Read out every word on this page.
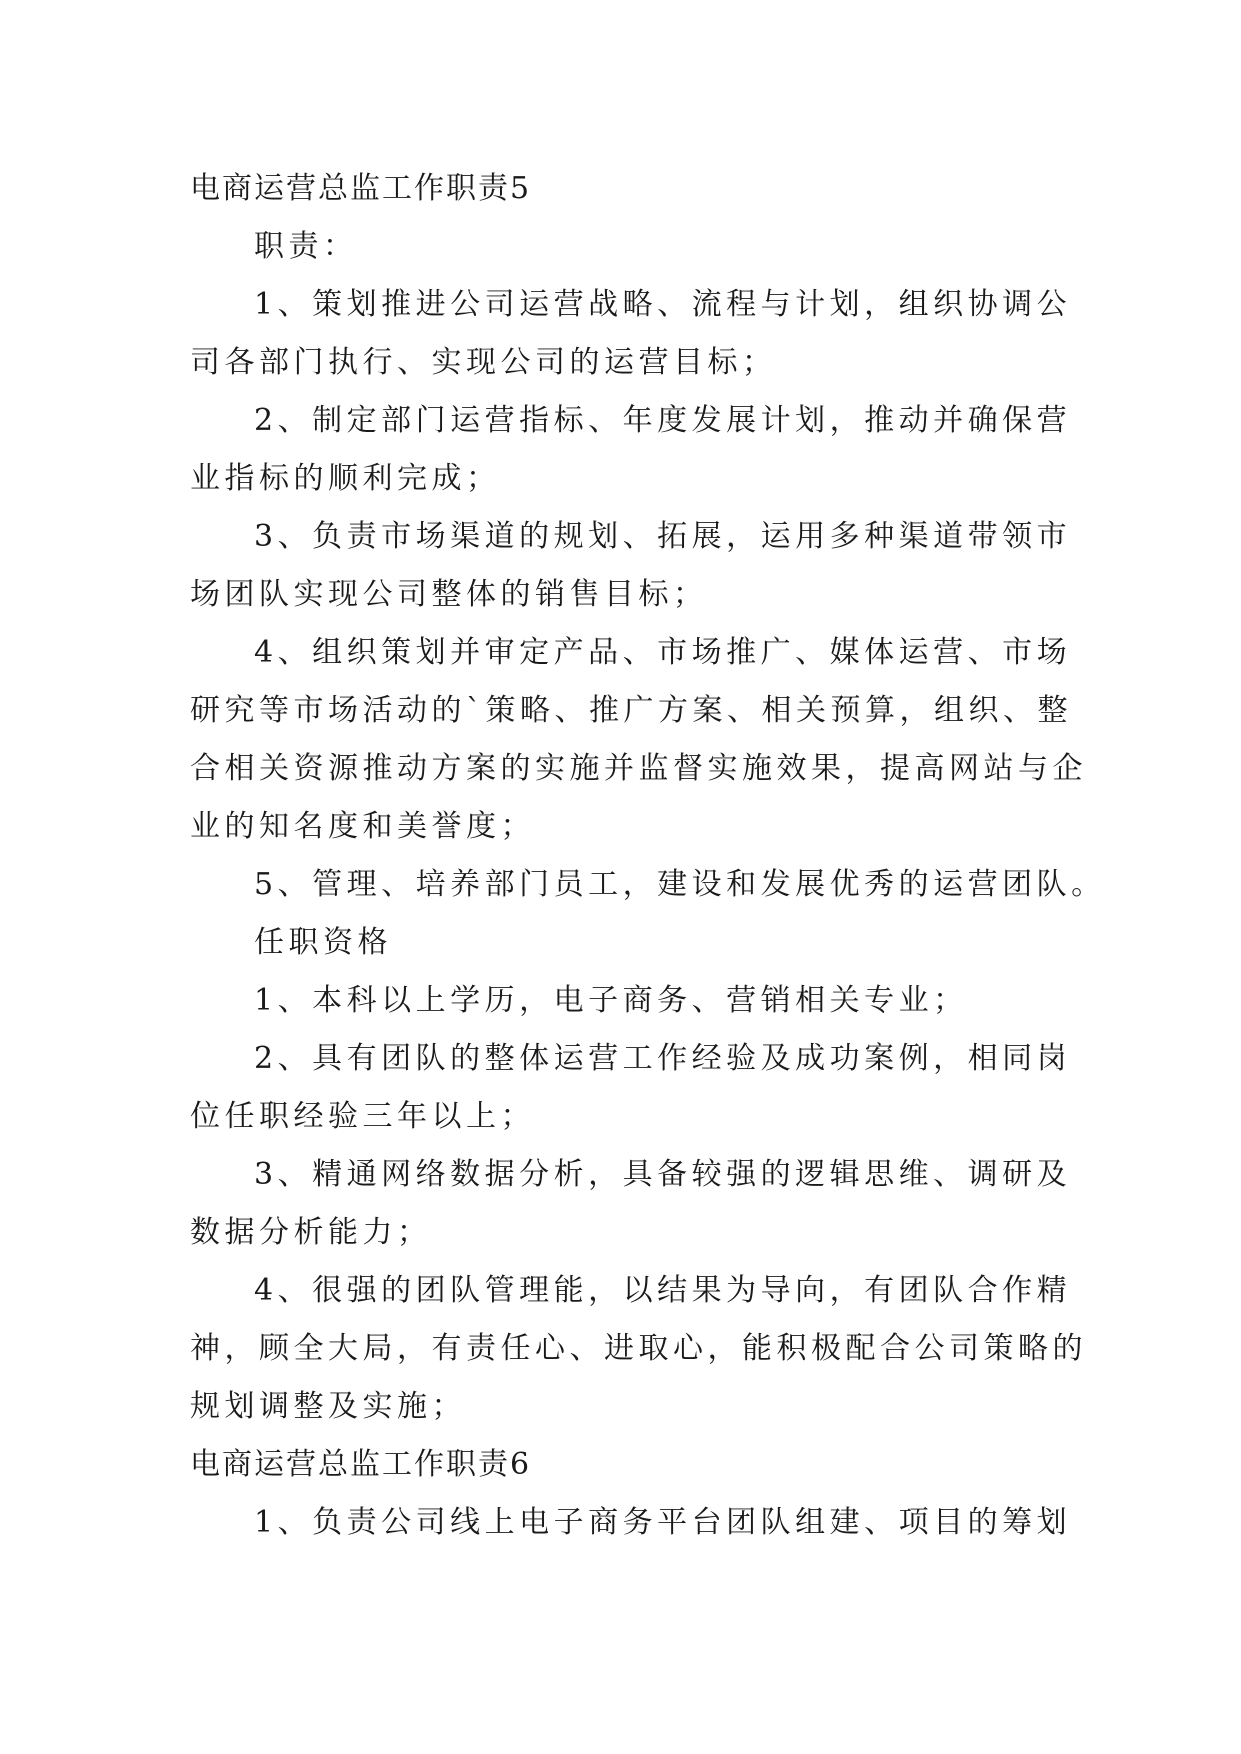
电商运营总监工作职责5
职责：
1、策划推进公司运营战略、流程与计划，组织协调公
司各部门执行、实现公司的运营目标；
2、制定部门运营指标、年度发展计划，推动并确保营
业指标的顺利完成；
3、负责市场渠道的规划、拓展，运用多种渠道带领市
场团队实现公司整体的销售目标；
4、组织策划并审定产品、市场推广、媒体运营、市场
研究等市场活动的`策略、推广方案、相关预算，组织、整
合相关资源推动方案的实施并监督实施效果，提高网站与企
业的知名度和美誉度；
5、管理、培养部门员工，建设和发展优秀的运营团队。
任职资格
1、本科以上学历，电子商务、营销相关专业；
2、具有团队的整体运营工作经验及成功案例，相同岗
位任职经验三年以上；
3、精通网络数据分析，具备较强的逻辑思维、调研及
数据分析能力；
4、很强的团队管理能，以结果为导向，有团队合作精
神，顾全大局，有责任心、进取心，能积极配合公司策略的
规划调整及实施；
电商运营总监工作职责6
1、负责公司线上电子商务平台团队组建、项目的筹划
